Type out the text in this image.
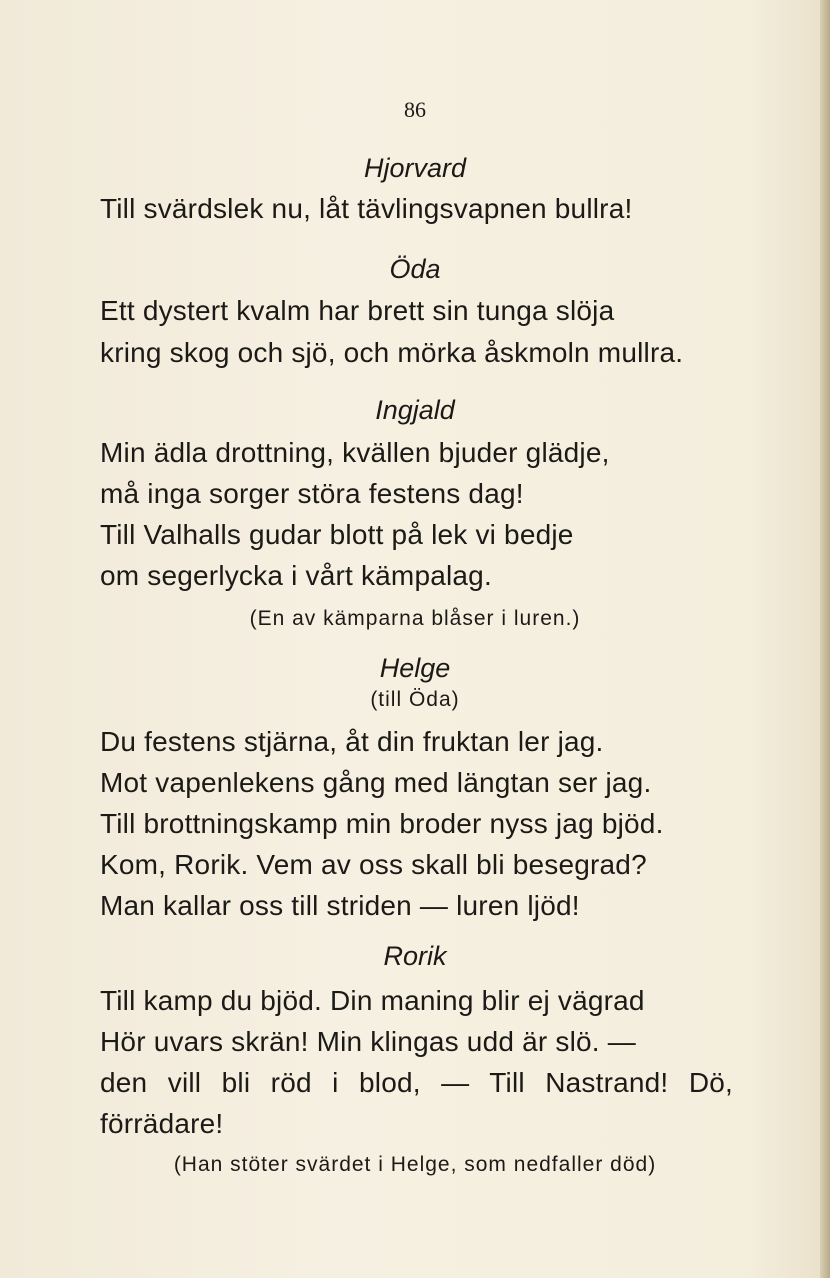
86
Hjorvard
Till svärdslek nu, låt tävlingsvapnen bullra!
Öda
Ett dystert kvalm har brett sin tunga slöja
kring skog och sjö, och mörka åskmoln mullra.
Ingjald
Min ädla drottning, kvällen bjuder glädje,
må inga sorger störa festens dag!
Till Valhalls gudar blott på lek vi bedje
om segerlycka i vårt kämpalag.
(En av kämparna blåser i luren.)
Helge
(till Öda)
Du festens stjärna, åt din fruktan ler jag.
Mot vapenlekens gång med längtan ser jag.
Till brottningskamp min broder nyss jag bjöd.
Kom, Rorik. Vem av oss skall bli besegrad?
Man kallar oss till striden — luren ljöd!
Rorik
Till kamp du bjöd. Din maning blir ej vägrad
Hör uvars skrän! Min klingas udd är slö. —
den vill bli röd i blod, — Till Nastrand! Dö,
förrädare!
(Han stöter svärdet i Helge, som nedfaller död)
